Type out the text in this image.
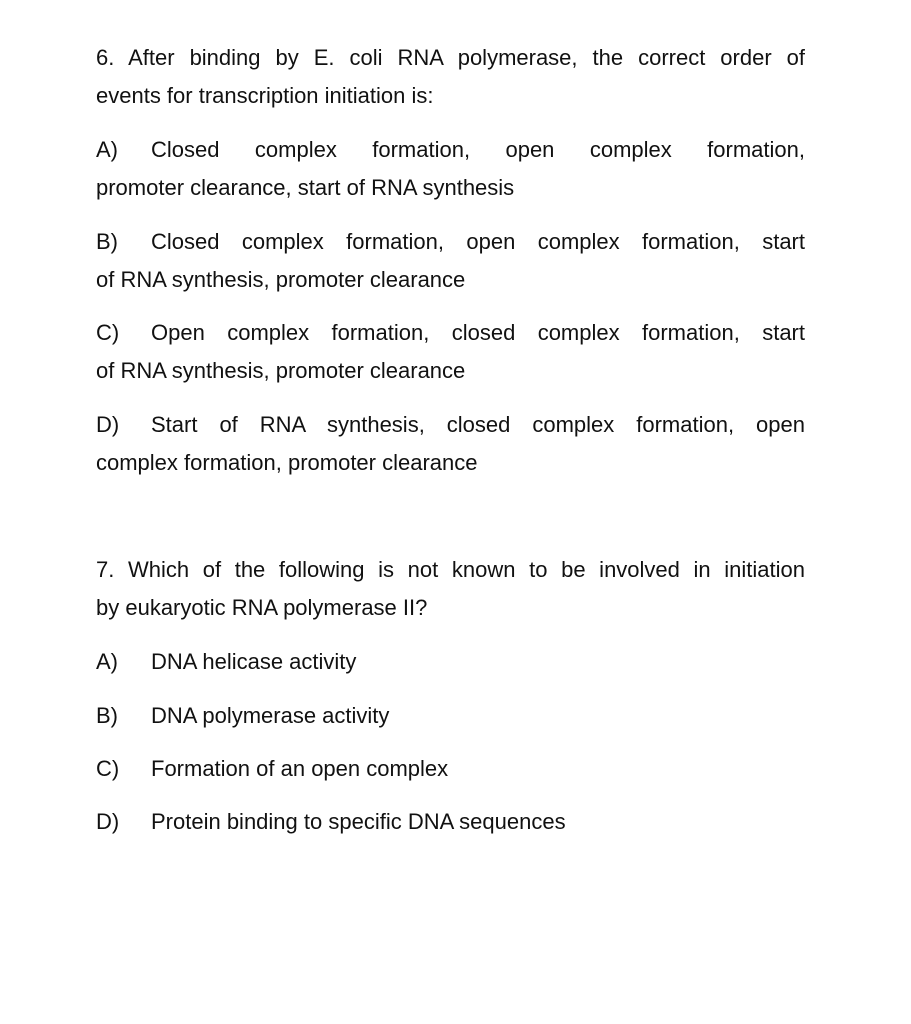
6. After binding by E. coli RNA polymerase, the correct order of
events for transcription initiation is:
A) Closed complex formation, open complex formation,
promoter clearance, start of RNA synthesis
B) Closed complex formation, open complex formation, start
of RNA synthesis, promoter clearance
C) Open complex formation, closed complex formation, start
of RNA synthesis, promoter clearance
D) Start of RNA synthesis, closed complex formation, open
complex formation, promoter clearance
7. Which of the following is not known to be involved in initiation
by eukaryotic RNA polymerase II?
A) DNA helicase activity
B) DNA polymerase activity
C) Formation of an open complex
D) Protein binding to specific DNA sequences
